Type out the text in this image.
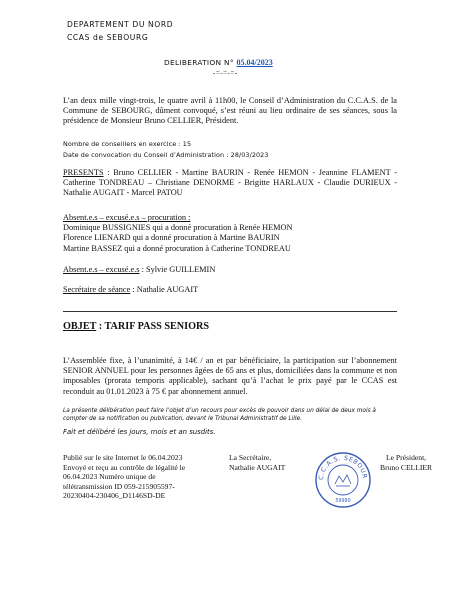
DEPARTEMENT DU NORD
CCAS de SEBOURG
DELIBERATION N° 05.04/2023
-=-=-=-
L’an deux mille vingt-trois, le quatre avril à 11h00, le Conseil d’Administration du C.C.A.S. de la Commune de SEBOURG, dûment convoqué, s’est réuni au lieu ordinaire de ses séances, sous la présidence de Monsieur Bruno CELLIER, Président.
Nombre de conseillers en exercice : 15
Date de convocation du Conseil d’Administration : 28/03/2023
PRESENTS : Bruno CELLIER - Martine BAURIN - Renée HEMON - Jeannine FLAMENT - Catherine TONDREAU – Christiane DENORME - Brigitte HARLAUX - Claudie DURIEUX - Nathalie AUGAIT - Marcel PATOU
Absent.e.s – excusé.e.s – procuration :
Dominique BUSSIGNIES qui a donné procuration à Renée HEMON
Florence LIENARD qui a donné procuration à Martine BAURIN
Martine BASSEZ qui a donné procuration à Catherine TONDREAU
Absent.e.s – excusé.e.s : Sylvie GUILLEMIN
Secrétaire de séance : Nathalie AUGAIT
OBJET : TARIF PASS SENIORS
L’Assemblée fixe, à l’unanimité, à 14€ / an et par bénéficiaire, la participation sur l’abonnement SENIOR ANNUEL pour les personnes âgées de 65 ans et plus, domiciliées dans la commune et non imposables (prorata temporis applicable), sachant qu’à l’achat le prix payé par le CCAS est reconduit au 01.01.2023 à 75 € par abonnement annuel.
La présente délibération peut faire l’objet d’un recours pour excès de pouvoir dans un délai de deux mois à compter de sa notification ou publication, devant le Tribunal Administratif de Lille.
Fait et délibéré les jours, mois et an susdits.
Publié sur le site Internet le 06.04.2023
Envoyé et reçu au contrôle de légalité le
06.04.2023 Numéro unique de
télétransmission ID 059-215905597-
20230404-230406_D1146SD-DE
La Secrétaire,
Nathalie AUGAIT
C.C.A.S. SEBOUR
59990
Le Président,
Bruno CELLIER
